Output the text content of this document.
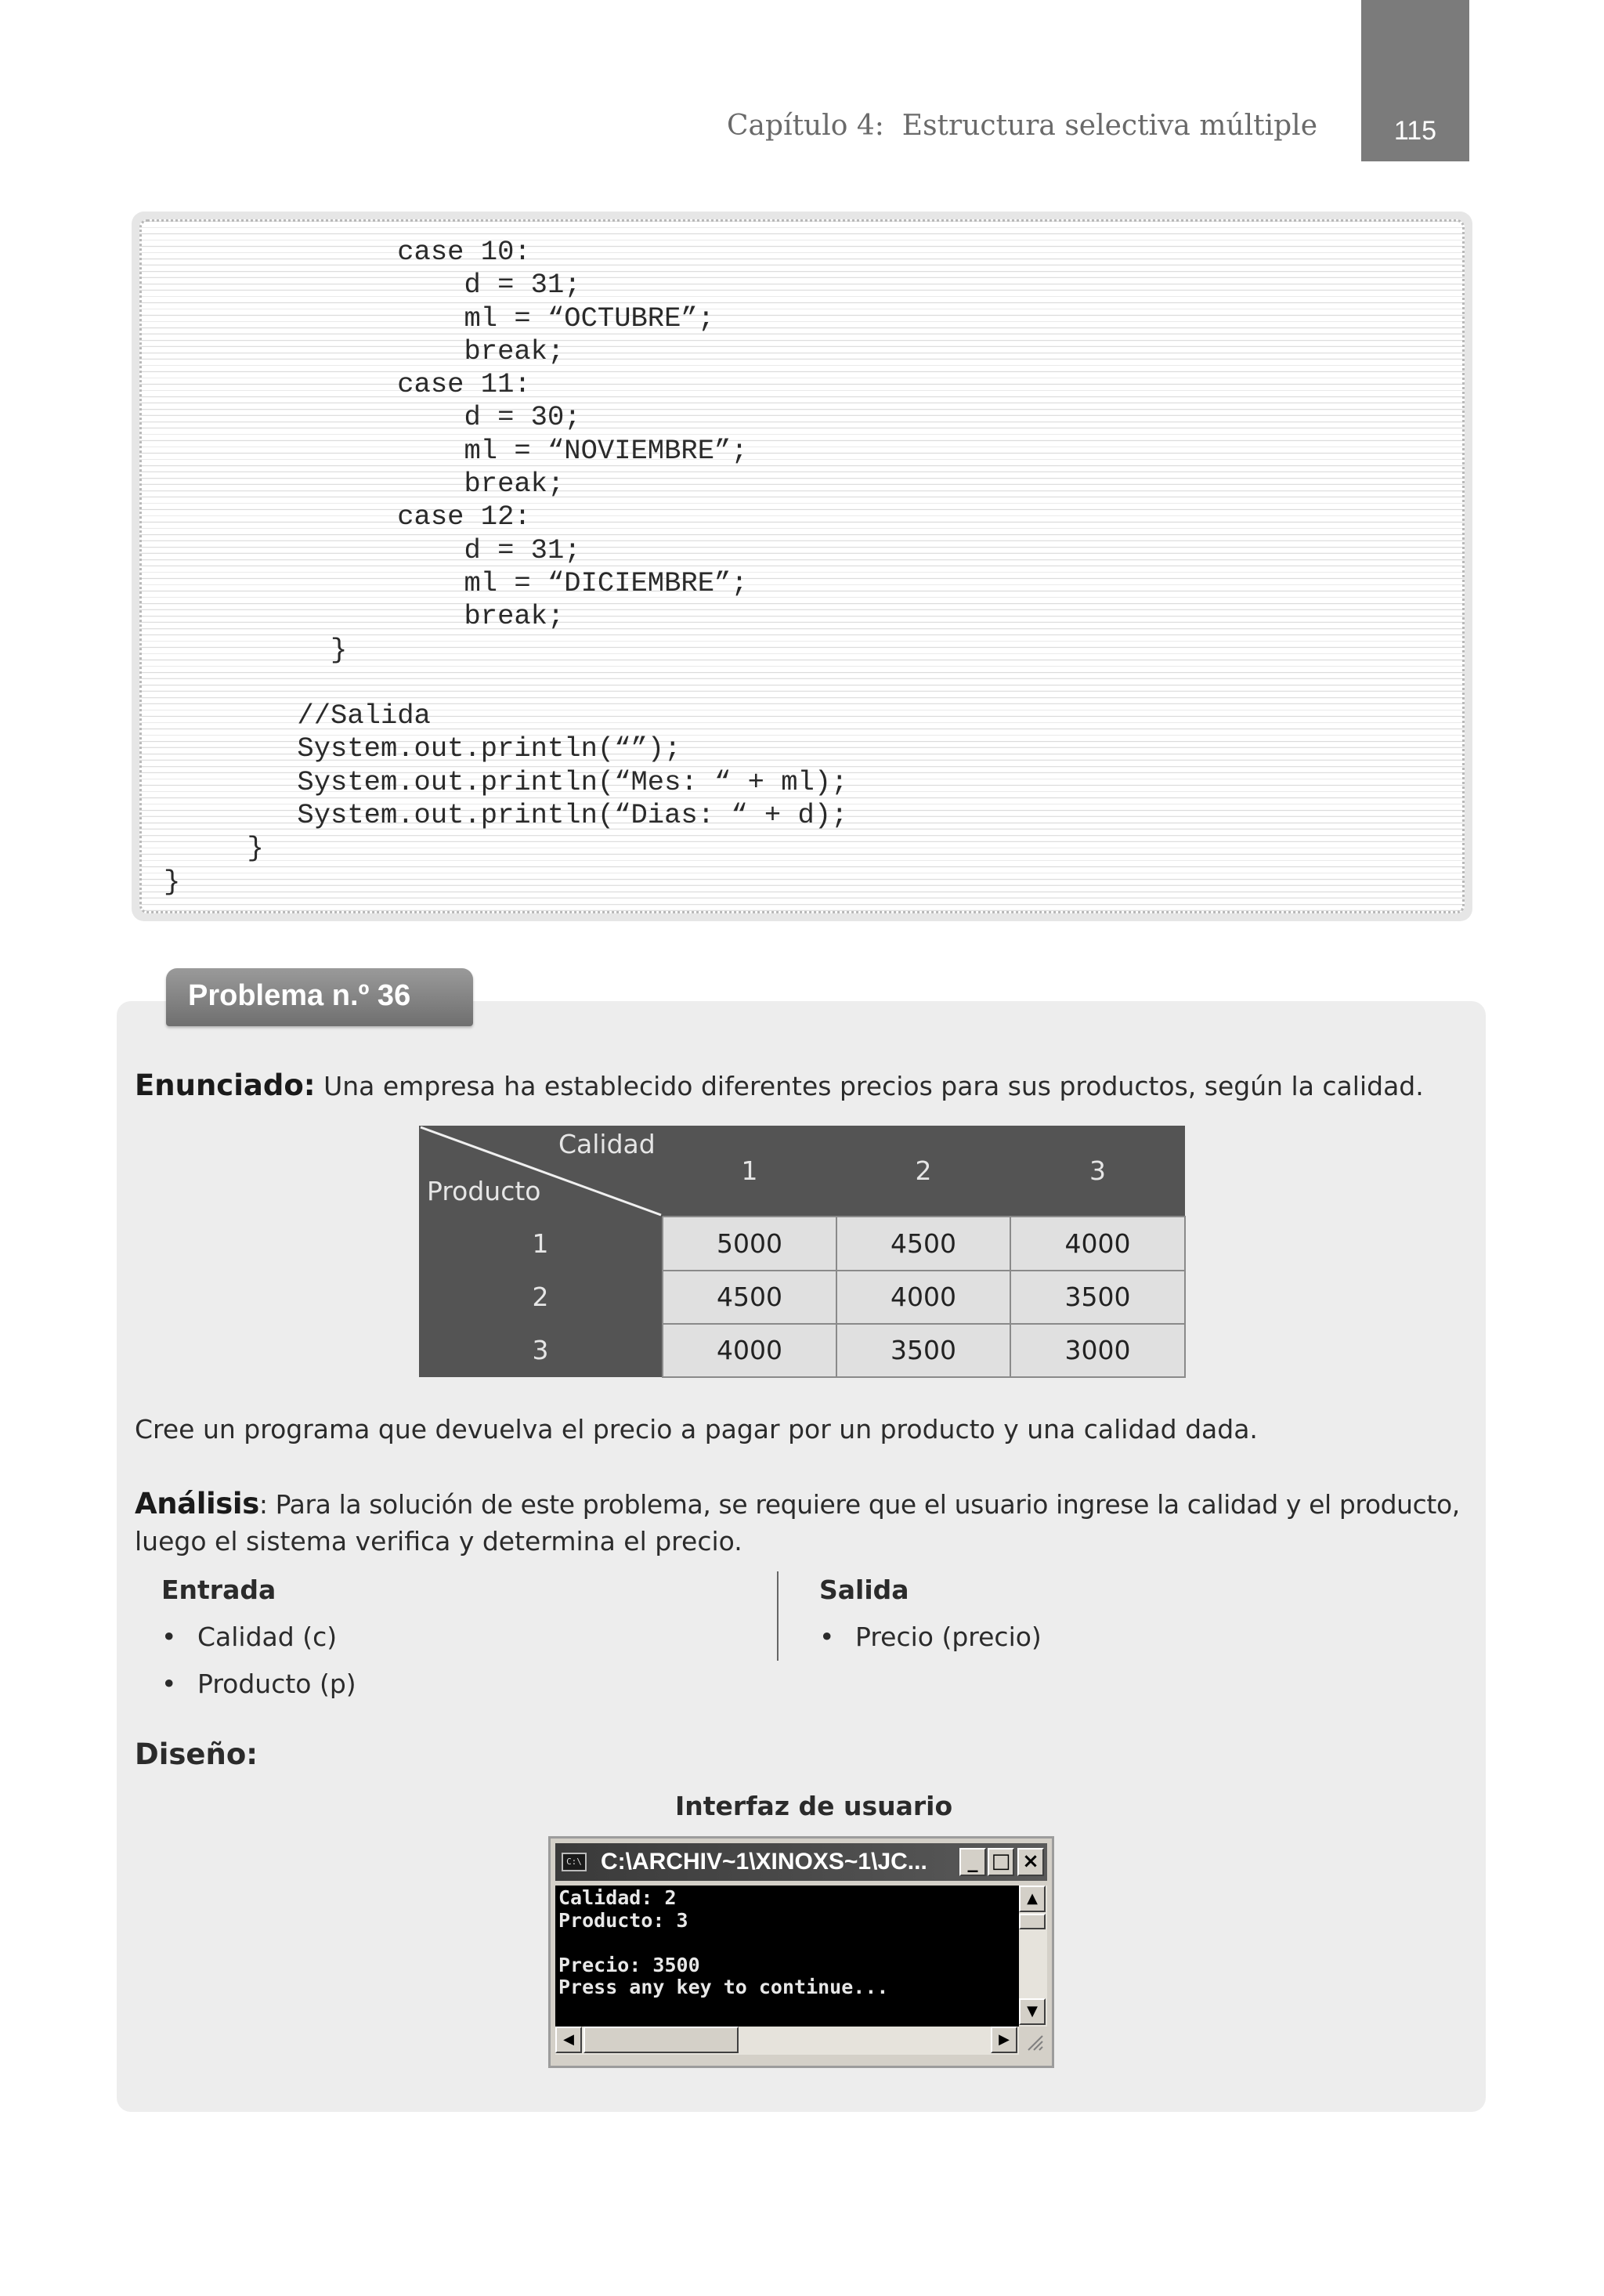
Capítulo 4:  Estructura selectiva múltiple	115
case 10:
d = 31;
ml = “OCTUBRE”;
break;
case 11:
d = 30;
ml = “NOVIEMBRE”;
break;
case 12:
d = 31;
ml = “DICIEMBRE”;
break;
}
//Salida
System.out.println(“”);
System.out.println(“Mes: “ + ml);
System.out.println(“Dias: “ + d);
}
}
Problema n.º 36
Enunciado: Una empresa ha establecido diferentes precios para sus productos, según la calidad.
Calidad
Producto	1	2	3
1	5000	4500	4000
2	4500	4000	3500
3	4000	3500	3000
Cree un programa que devuelva el precio a pagar por un producto y una calidad dada.
Análisis: Para la solución de este problema, se requiere que el usuario ingrese la calidad y el producto,
luego el sistema verifica y determina el precio.
Entrada
• Calidad (c)
• Producto (p)
Salida
• Precio (precio)
Diseño:
Interfaz de usuario
C:\ C:\ARCHIV~1\XINOXS~1\JC...	_ □ ×
Calidad: 2
Producto: 3
Precio: 3500
Press any key to continue...
▲
▼
◀	▶
